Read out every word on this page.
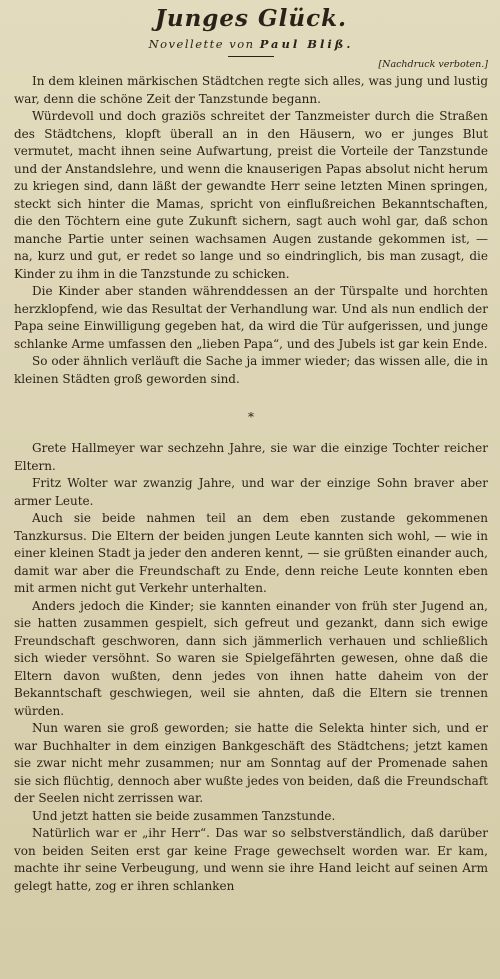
Junges Glück.
Novellette von Paul Bliß.
[Nachdruck verboten.]

In dem kleinen märkischen Städtchen regte sich alles, was jung und lustig war, denn die schöne Zeit der Tanzstunde begann.

Würdevoll und doch graziös schreitet der Tanzmeister durch die Straßen des Städtchens, klopft überall an in den Häusern, wo er junges Blut vermutet, macht ihnen seine Aufwartung, preist die Vorteile der Tanzstunde und der Anstandslehre, und wenn die knauserigen Papas absolut nicht herum zu kriegen sind, dann läßt der gewandte Herr seine letzten Minen springen, steckt sich hinter die Mamas, spricht von einflußreichen Bekanntschaften, die den Töchtern eine gute Zukunft sichern, sagt auch wohl gar, daß schon manche Partie unter seinen wachsamen Augen zustande gekommen ist, — na, kurz und gut, er redet so lange und so eindringlich, bis man zusagt, die Kinder zu ihm in die Tanzstunde zu schicken.

Die Kinder aber standen währenddessen an der Türspalte und horchten herzklopfend, wie das Resultat der Verhandlung war. Und als nun endlich der Papa seine Einwilligung gegeben hat, da wird die Tür aufgerissen, und junge schlanke Arme umfassen den „lieben Papa“, und des Jubels ist gar kein Ende.

So oder ähnlich verläuft die Sache ja immer wieder; das wissen alle, die in kleinen Städten groß geworden sind.

*

Grete Hallmeyer war sechzehn Jahre, sie war die einzige Tochter reicher Eltern.

Fritz Wolter war zwanzig Jahre, und war der einzige Sohn braver aber armer Leute.

Auch sie beide nahmen teil an dem eben zustande gekommenen Tanzkursus. Die Eltern der beiden jungen Leute kannten sich wohl, — wie in einer kleinen Stadt ja jeder den anderen kennt, — sie grüßten einander auch, damit war aber die Freundschaft zu Ende, denn reiche Leute konnten eben mit armen nicht gut Verkehr unterhalten.

Anders jedoch die Kinder; sie kannten einander von früh ster Jugend an, sie hatten zusammen gespielt, sich gefreut und gezankt, dann sich ewige Freundschaft geschworen, dann sich jämmerlich verhauen und schließlich sich wieder versöhnt. So waren sie Spielgefährten gewesen, ohne daß die Eltern davon wußten, denn jedes von ihnen hatte daheim von der Bekanntschaft geschwiegen, weil sie ahnten, daß die Eltern sie trennen würden.

Nun waren sie groß geworden; sie hatte die Selekta hinter sich, und er war Buchhalter in dem einzigen Bankgeschäft des Städtchens; jetzt kamen sie zwar nicht mehr zusammen; nur am Sonntag auf der Promenade sahen sie sich flüchtig, dennoch aber wußte jedes von beiden, daß die Freundschaft der Seelen nicht zerrissen war.

Und jetzt hatten sie beide zusammen Tanzstunde.

Natürlich war er „ihr Herr“. Das war so selbstverständlich, daß darüber von beiden Seiten erst gar keine Frage gewechselt worden war. Er kam, machte ihr seine Verbeugung, und wenn sie ihre Hand leicht auf seinen Arm gelegt hatte, zog er ihren schlanken
